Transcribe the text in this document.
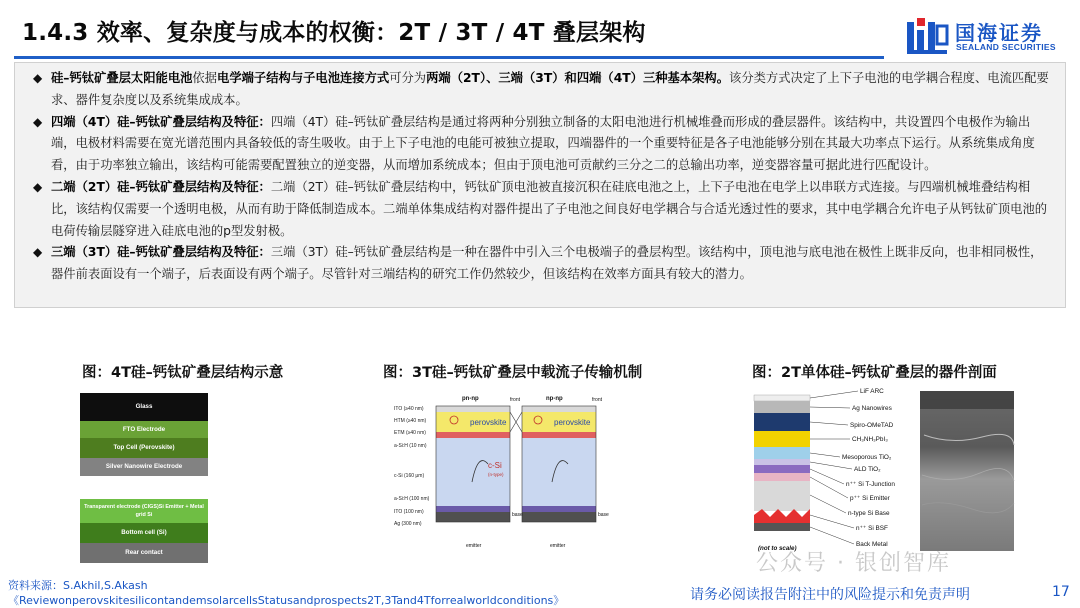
1.4.3 效率、复杂度与成本的权衡：2T / 3T / 4T 叠层架构	国海证券
SEALAND SECURITIES
◆ 硅–钙钛矿叠层太阳能电池依据电学端子结构与子电池连接方式可分为两端（2T）、三端（3T）和四端（4T）三种基本架构。该分类方式决定了上下子电池的电学耦合程度、电流匹配要求、器件复杂度以及系统集成成本。
◆ 四端（4T）硅–钙钛矿叠层结构及特征：四端（4T）硅–钙钛矿叠层结构是通过将两种分别独立制备的太阳电池进行机械堆叠而形成的叠层器件。该结构中，共设置四个电极作为输出端，电极材料需要在宽光谱范围内具备较低的寄生吸收。由于上下子电池的电能可被独立提取，四端器件的一个重要特征是各子电池能够分别在其最大功率点下运行。从系统集成角度看，由于功率独立输出，该结构可能需要配置独立的逆变器，从而增加系统成本；但由于顶电池可贡献约三分之二的总输出功率，逆变器容量可据此进行匹配设计。
◆ 二端（2T）硅–钙钛矿叠层结构及特征：二端（2T）硅–钙钛矿叠层结构中，钙钛矿顶电池被直接沉积在硅底电池之上，上下子电池在电学上以串联方式连接。与四端机械堆叠结构相比，该结构仅需要一个透明电极，从而有助于降低制造成本。二端单体集成结构对器件提出了子电池之间良好电学耦合与合适光透过性的要求，其中电学耦合允许电子从钙钛矿顶电池的电荷传输层隧穿进入硅底电池的p型发射极。
◆ 三端（3T）硅–钙钛矿叠层结构及特征：三端（3T）硅–钙钛矿叠层结构是一种在器件中引入三个电极端子的叠层构型。该结构中，顶电池与底电池在极性上既非反向，也非相同极性，器件前表面设有一个端子，后表面设有两个端子。尽管针对三端结构的研究工作仍然较少，但该结构在效率方面具有较大的潜力。
图：4T硅–钙钛矿叠层结构示意
Glass
FTO Electrode
Top Cell (Perovskite)
Silver Nanowire Electrode
Transparent electrode (CIGS)Si Emitter + Metal grid Si
Bottom cell (Si)
Rear contact
图：3T硅–钙钛矿叠层中载流子传输机制
ITO (≥40 nm)
HTM (≥40 nm)
ETM (≥40 nm)
a-Si:H (10 nm)
c-Si (160 μm)
a-Si:H (100 nm)
ITO (100 nm)
Ag (300 nm)
pn-np	np-np
perovskite	perovskite
c-Si
(n-type)
front	front
base	base
emitter	emitter
图：2T单体硅–钙钛矿叠层的器件剖面
LiF ARC
Ag Nanowires
Spiro-OMeTAD
CH₃NH₃PbI₃
Mesoporous TiO₂
ALD TiO₂
n⁺⁺ Si T-Junction
p⁺⁺ Si Emitter
n-type Si Base
n⁺⁺ Si BSF
Back Metal
(not to scale)
公众号 · 银创智库
资料来源：S.Akhil,S.Akash
《ReviewonperovskitesilicontandemsolarcellsStatusandprospects2T,3Tand4Tforrealworldconditions》	请务必阅读报告附注中的风险提示和免责声明	17
